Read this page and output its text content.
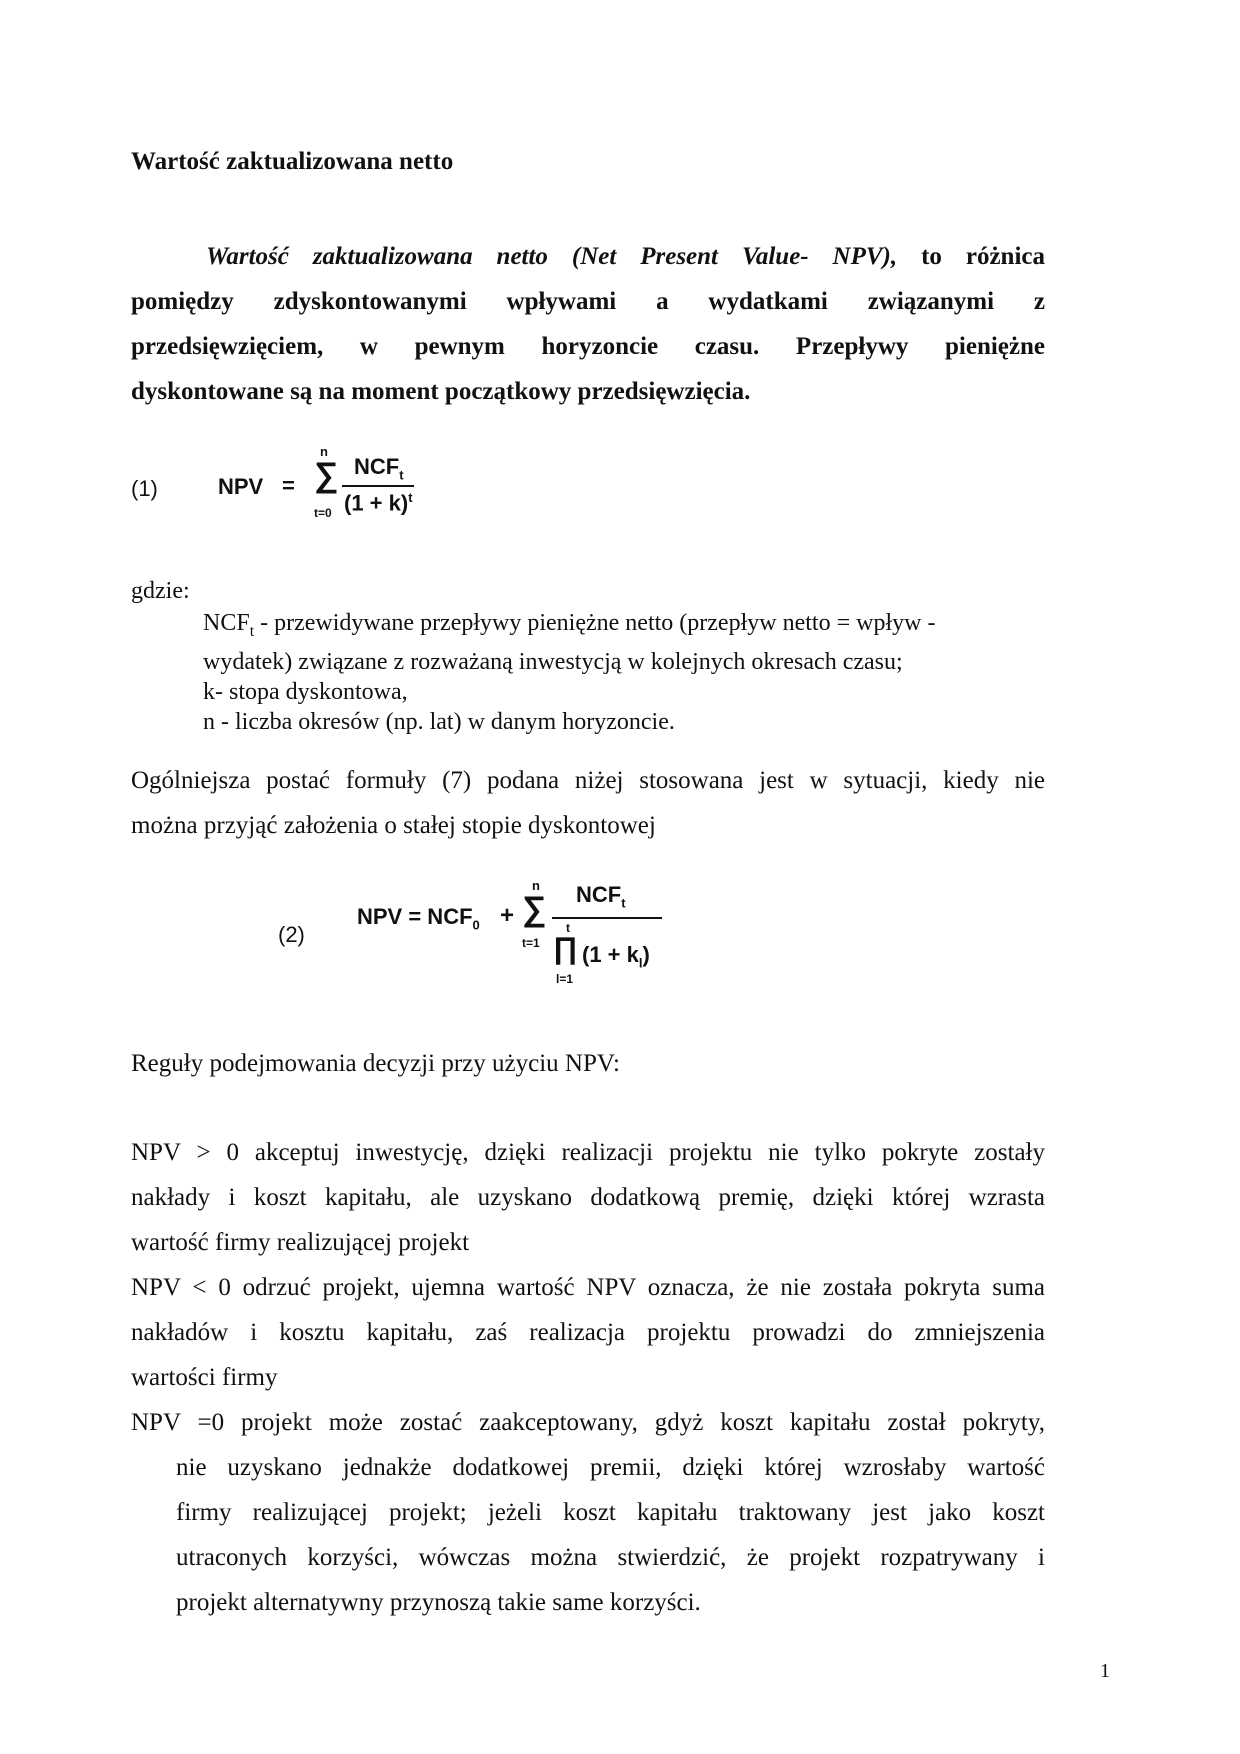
Wartość zaktualizowana netto
Wartość zaktualizowana netto (Net Present Value- NPV), to różnica
pomiędzy zdyskontowanymi wpływami a wydatkami związanymi z
przedsięwzięciem, w pewnym horyzoncie czasu. Przepływy pieniężne
dyskontowane są na moment początkowy przedsięwzięcia.
(1)	NPV =
n
∑
t=0
$NCF_t$
$(1 + k)^t$
gdzie:
$NCF_t$ - przewidywane przepływy pieniężne netto (przepływ netto = wpływ -
wydatek) związane z rozważaną inwestycją w kolejnych okresach czasu;
k- stopa dyskontowa,
n - liczba okresów (np. lat) w danym horyzoncie.
Ogólniejsza postać formuły (7) podana niżej stosowana jest w sytuacji, kiedy nie
można przyjąć założenia o stałej stopie dyskontowej
(2)
NPV = $NCF_0$ +
n
∑
t=1
$NCF_t$
t
∏
l=1
$(1 + k_l)$
Reguły podejmowania decyzji przy użyciu NPV:
NPV > 0 akceptuj inwestycję, dzięki realizacji projektu nie tylko pokryte zostały
nakłady i koszt kapitału, ale uzyskano dodatkową premię, dzięki której wzrasta
wartość firmy realizującej projekt
NPV < 0 odrzuć projekt, ujemna wartość NPV oznacza, że nie została pokryta suma
nakładów i kosztu kapitału, zaś realizacja projektu prowadzi do zmniejszenia
wartości firmy
NPV =0 projekt może zostać zaakceptowany, gdyż koszt kapitału został pokryty,
nie uzyskano jednakże dodatkowej premii, dzięki której wzrosłaby wartość
firmy realizującej projekt; jeżeli koszt kapitału traktowany jest jako koszt
utraconych korzyści, wówczas można stwierdzić, że projekt rozpatrywany i
projekt alternatywny przynoszą takie same korzyści.
1
